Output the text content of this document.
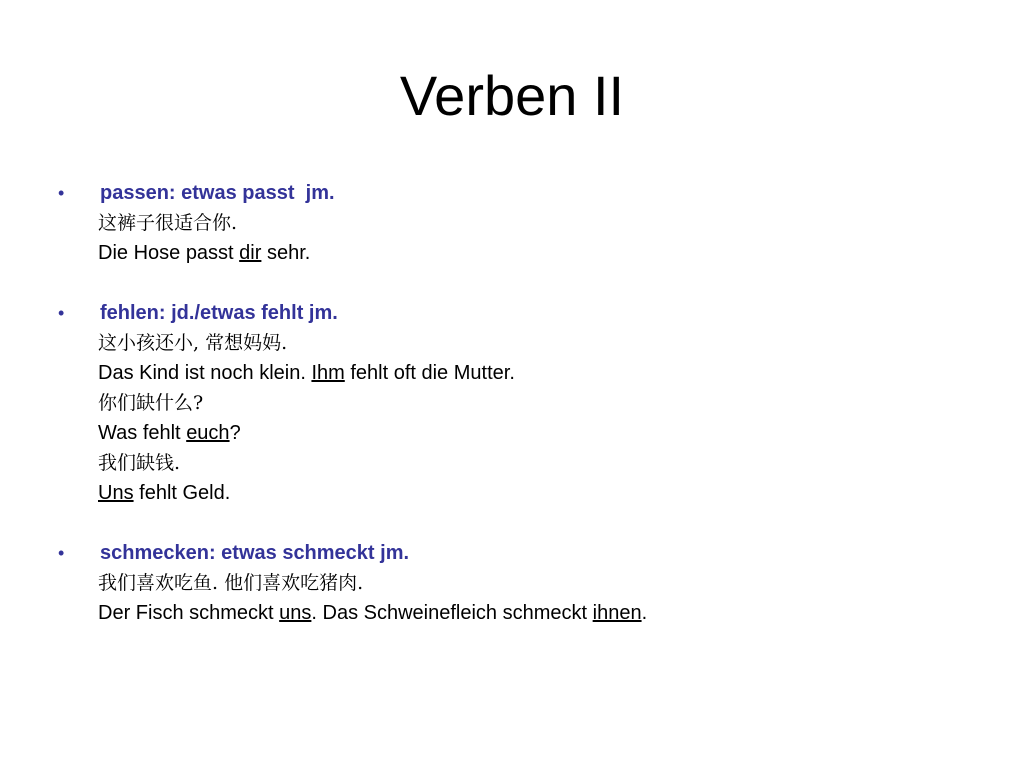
Verben II
• passen: etwas passt  jm.
这裤子很适合你.
Die Hose passt dir sehr.
• fehlen: jd./etwas fehlt jm.
这小孩还小, 常想妈妈.
Das Kind ist noch klein. Ihm fehlt oft die Mutter.
你们缺什么?
Was fehlt euch?
我们缺钱.
Uns fehlt Geld.
• schmecken: etwas schmeckt jm.
我们喜欢吃鱼. 他们喜欢吃猪肉.
Der Fisch schmeckt uns. Das Schweinefleich schmeckt ihnen.
